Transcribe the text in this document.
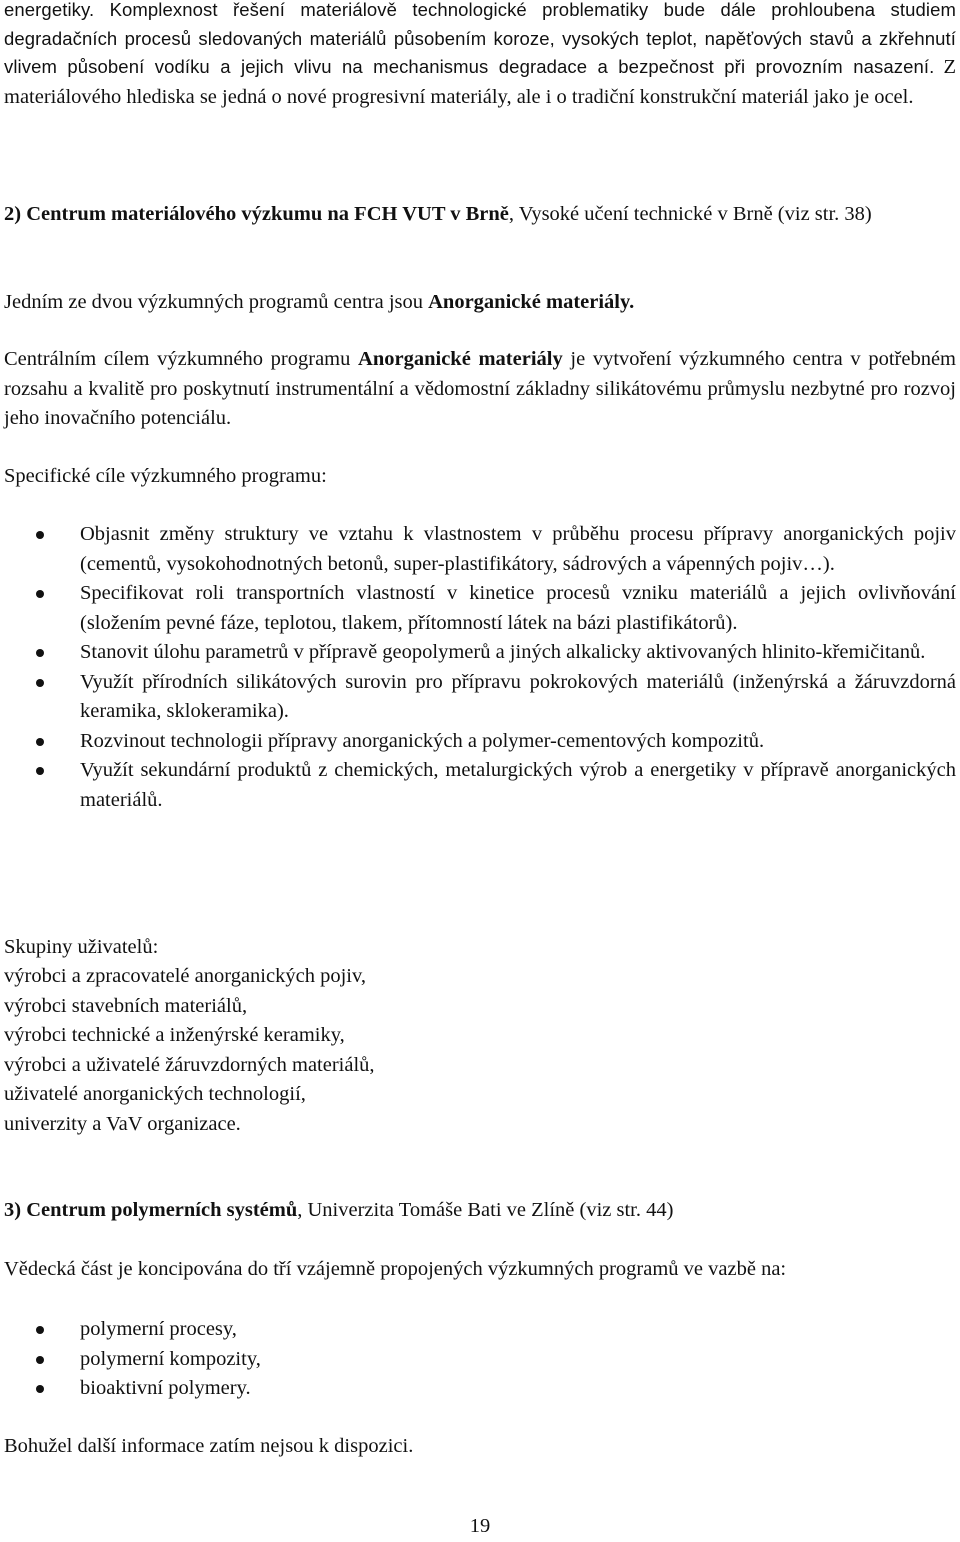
energetiky. Komplexnost řešení materiálově technologické problematiky bude dále prohloubena studiem degradačních procesů sledovaných materiálů působením koroze, vysokých teplot, napěťových stavů a zkřehnutí vlivem působení vodíku a jejich vlivu na mechanismus degradace a bezpečnost při provozním nasazení. Z materiálového hlediska se jedná o nové progresivní materiály, ale i o tradiční konstrukční materiál jako je ocel.

2) Centrum materiálového výzkumu na FCH VUT v Brně, Vysoké učení technické v Brně (viz str. 38)

Jedním ze dvou výzkumných programů centra jsou Anorganické materiály.

Centrálním cílem výzkumného programu Anorganické materiály je vytvoření výzkumného centra v potřebném rozsahu a kvalitě pro poskytnutí instrumentální a vědomostní základny silikátovému průmyslu nezbytné pro rozvoj jeho inovačního potenciálu.

Specifické cíle výzkumného programu:

Objasnit změny struktury ve vztahu k vlastnostem v průběhu procesu přípravy anorganických pojiv (cementů, vysokohodnotných betonů, super-plastifikátory, sádrových a vápenných pojiv…).
Specifikovat roli transportních vlastností v kinetice procesů vzniku materiálů a jejich ovlivňování (složením pevné fáze, teplotou, tlakem, přítomností látek na bázi plastifikátorů).
Stanovit úlohu parametrů v přípravě geopolymerů a jiných alkalicky aktivovaných hlinito-křemičitanů.
Využít přírodních silikátových surovin pro přípravu pokrokových materiálů (inženýrská a žáruvzdorná keramika, sklokeramika).
Rozvinout technologii přípravy anorganických a polymer-cementových kompozitů.
Využít sekundární produktů z chemických, metalurgických výrob a energetiky v přípravě anorganických materiálů.

Skupiny uživatelů:

výrobci a zpracovatelé anorganických pojiv,
výrobci stavebních materiálů,
výrobci technické a inženýrské keramiky,
výrobci a uživatelé žáruvzdorných materiálů,
uživatelé anorganických technologií,
univerzity a VaV organizace.

3) Centrum polymerních systémů, Univerzita Tomáše Bati ve Zlíně (viz str. 44)

Vědecká část je koncipována do tří vzájemně propojených výzkumných programů ve vazbě na:

polymerní procesy,
polymerní kompozity,
bioaktivní polymery.

Bohužel další informace zatím nejsou k dispozici.

19
